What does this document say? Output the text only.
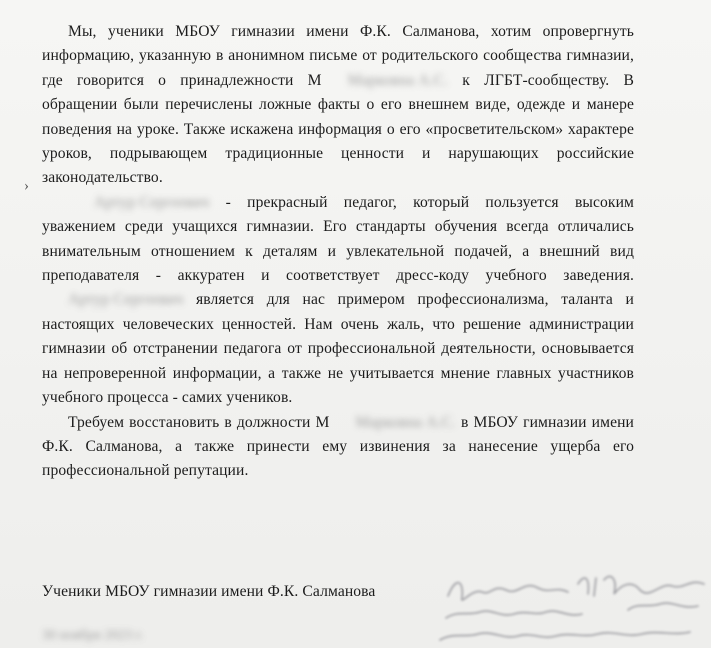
›

Мы, ученики МБОУ гимназии имени Ф.К. Салманова, хотим опровергнуть информацию, указанную в анонимном письме от родительского сообщества гимназии, где говорится о принадлежности М Марковна А.С. к ЛГБТ-сообществу. В обращении были перечислены ложные факты о его внешнем виде, одежде и манере поведения на уроке. Также искажена информация о его «просветительском» характере уроков, подрывающем традиционные ценности и нарушающих российские законодательство.

Артур Сергеевич - прекрасный педагог, который пользуется высоким уважением среди учащихся гимназии. Его стандарты обучения всегда отличались внимательным отношением к деталям и увлекательной подачей, а внешний вид преподавателя - аккуратен и соответствует дресс-коду учебного заведения. Артур Сергеевич является для нас примером профессионализма, таланта и настоящих человеческих ценностей. Нам очень жаль, что решение администрации гимназии об отстранении педагога от профессиональной деятельности, основывается на непроверенной информации, а также не учитывается мнение главных участников учебного процесса - самих учеников.

Требуем восстановить в должности М Марковна А.С. в МБОУ гимназии имени Ф.К. Салманова, а также принести ему извинения за нанесение ущерба его профессиональной репутации.

Ученики МБОУ гимназии имени Ф.К. Салманова
30 ноября 2023 г.
